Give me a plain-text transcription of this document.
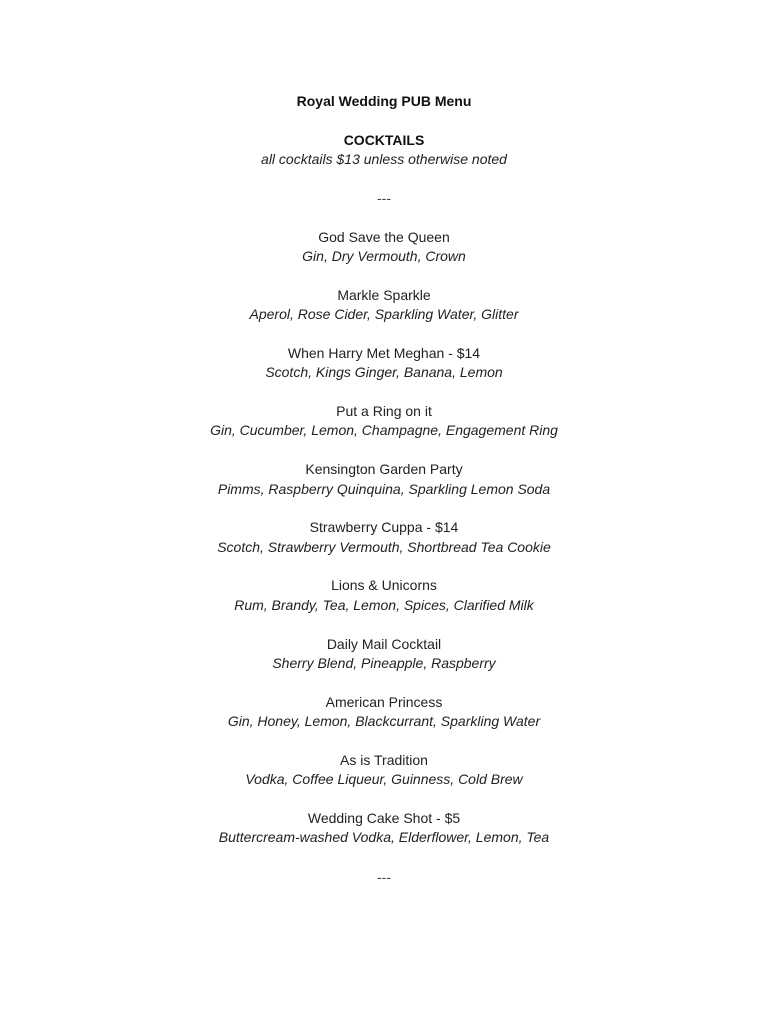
Royal Wedding PUB Menu
COCKTAILS
all cocktails $13 unless otherwise noted
---
God Save the Queen
Gin, Dry Vermouth, Crown
Markle Sparkle
Aperol, Rose Cider, Sparkling Water, Glitter
When Harry Met Meghan - $14
Scotch, Kings Ginger, Banana, Lemon
Put a Ring on it
Gin, Cucumber, Lemon, Champagne, Engagement Ring
Kensington Garden Party
Pimms, Raspberry Quinquina, Sparkling Lemon Soda
Strawberry Cuppa - $14
Scotch, Strawberry Vermouth, Shortbread Tea Cookie
Lions & Unicorns
Rum, Brandy, Tea, Lemon, Spices, Clarified Milk
Daily Mail Cocktail
Sherry Blend, Pineapple, Raspberry
American Princess
Gin, Honey, Lemon, Blackcurrant, Sparkling Water
As is Tradition
Vodka, Coffee Liqueur, Guinness, Cold Brew
Wedding Cake Shot - $5
Buttercream-washed Vodka, Elderflower, Lemon, Tea
---
